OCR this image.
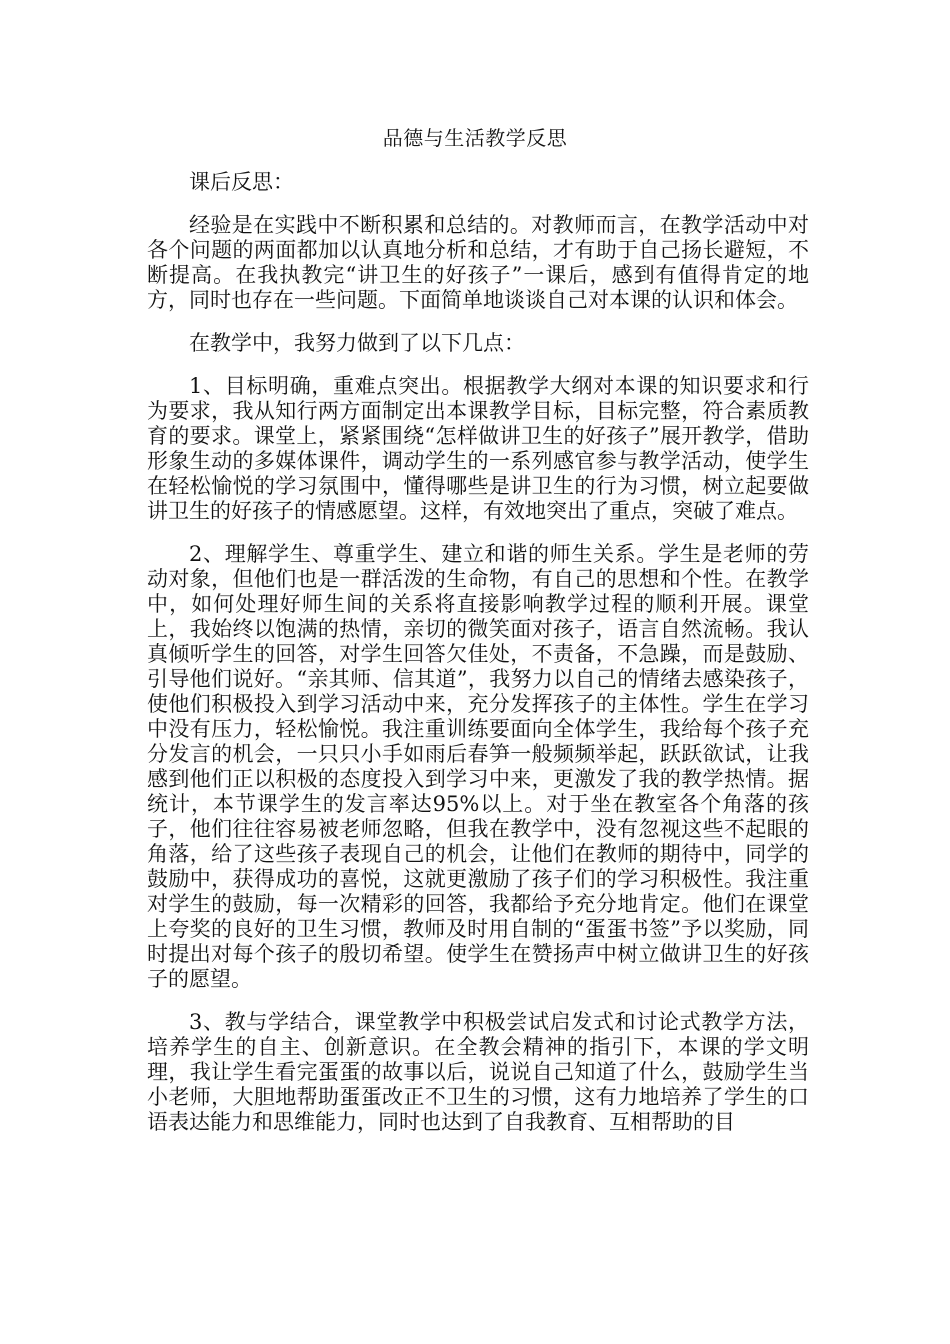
品德与生活教学反思

课后反思：

经验是在实践中不断积累和总结的。对教师而言，在教学活动中对各个问题的两面都加以认真地分析和总结，才有助于自己扬长避短，不断提高。在我执教完“讲卫生的好孩子”一课后，感到有值得肯定的地方，同时也存在一些问题。下面简单地谈谈自己对本课的认识和体会。

在教学中，我努力做到了以下几点：

1、目标明确，重难点突出。根据教学大纲对本课的知识要求和行为要求，我从知行两方面制定出本课教学目标，目标完整，符合素质教育的要求。课堂上，紧紧围绕“怎样做讲卫生的好孩子”展开教学，借助形象生动的多媒体课件，调动学生的一系列感官参与教学活动，使学生在轻松愉悦的学习氛围中，懂得哪些是讲卫生的行为习惯，树立起要做讲卫生的好孩子的情感愿望。这样，有效地突出了重点，突破了难点。

2、理解学生、尊重学生、建立和谐的师生关系。学生是老师的劳动对象，但他们也是一群活泼的生命物，有自己的思想和个性。在教学中，如何处理好师生间的关系将直接影响教学过程的顺利开展。课堂上，我始终以饱满的热情，亲切的微笑面对孩子，语言自然流畅。我认真倾听学生的回答，对学生回答欠佳处，不责备，不急躁，而是鼓励、引导他们说好。“亲其师、信其道”，我努力以自己的情绪去感染孩子，使他们积极投入到学习活动中来，充分发挥孩子的主体性。学生在学习中没有压力，轻松愉悦。我注重训练要面向全体学生，我给每个孩子充分发言的机会，一只只小手如雨后春笋一般频频举起，跃跃欲试，让我感到他们正以积极的态度投入到学习中来，更激发了我的教学热情。据统计，本节课学生的发言率达95%以上。对于坐在教室各个角落的孩子，他们往往容易被老师忽略，但我在教学中，没有忽视这些不起眼的角落，给了这些孩子表现自己的机会，让他们在教师的期待中，同学的鼓励中，获得成功的喜悦，这就更激励了孩子们的学习积极性。我注重对学生的鼓励，每一次精彩的回答，我都给予充分地肯定。他们在课堂上夸奖的良好的卫生习惯，教师及时用自制的“蛋蛋书签”予以奖励，同时提出对每个孩子的殷切希望。使学生在赞扬声中树立做讲卫生的好孩子的愿望。

3、教与学结合，课堂教学中积极尝试启发式和讨论式教学方法，培养学生的自主、创新意识。在全教会精神的指引下，本课的学文明理，我让学生看完蛋蛋的故事以后，说说自己知道了什么，鼓励学生当小老师，大胆地帮助蛋蛋改正不卫生的习惯，这有力地培养了学生的口语表达能力和思维能力，同时也达到了自我教育、互相帮助的目
